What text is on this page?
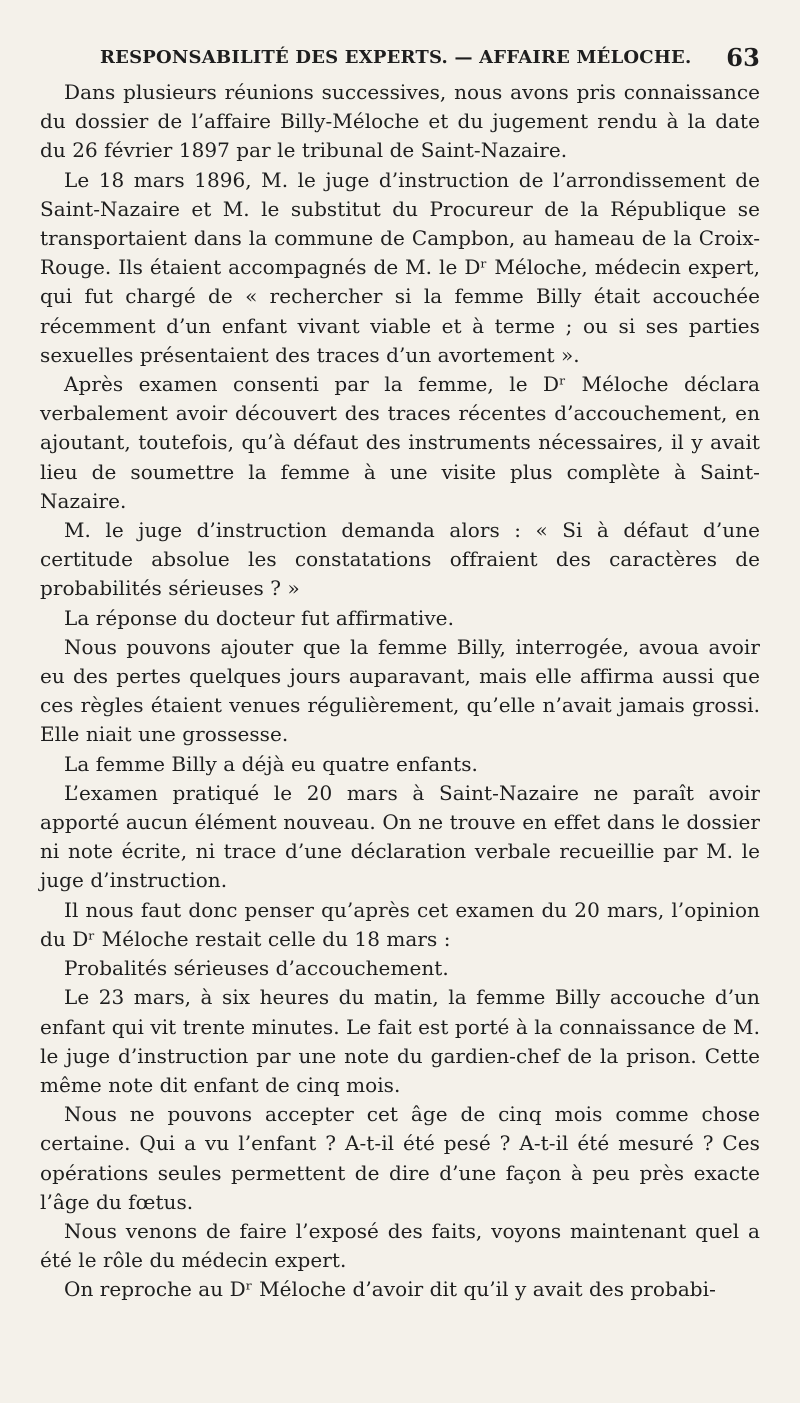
RESPONSABILITÉ DES EXPERTS. — AFFAIRE MÉLOCHE. 63

Dans plusieurs réunions successives, nous avons pris connaissance du dossier de l’affaire Billy-Méloche et du jugement rendu à la date du 26 février 1897 par le tribunal de Saint-Nazaire.

Le 18 mars 1896, M. le juge d’instruction de l’arrondissement de Saint-Nazaire et M. le substitut du Procureur de la République se transportaient dans la commune de Campbon, au hameau de la Croix-Rouge. Ils étaient accompagnés de M. le Dʳ Méloche, médecin expert, qui fut chargé de « rechercher si la femme Billy était accouchée récemment d’un enfant vivant viable et à terme ; ou si ses parties sexuelles présentaient des traces d’un avortement ».

Après examen consenti par la femme, le Dʳ Méloche déclara verbalement avoir découvert des traces récentes d’accouchement, en ajoutant, toutefois, qu’à défaut des instruments nécessaires, il y avait lieu de soumettre la femme à une visite plus complète à Saint-Nazaire.

M. le juge d’instruction demanda alors : « Si à défaut d’une certitude absolue les constatations offraient des caractères de probabilités sérieuses ? »

La réponse du docteur fut affirmative.

Nous pouvons ajouter que la femme Billy, interrogée, avoua avoir eu des pertes quelques jours auparavant, mais elle affirma aussi que ces règles étaient venues régulièrement, qu’elle n’avait jamais grossi. Elle niait une grossesse.

La femme Billy a déjà eu quatre enfants.

L’examen pratiqué le 20 mars à Saint-Nazaire ne paraît avoir apporté aucun élément nouveau. On ne trouve en effet dans le dossier ni note écrite, ni trace d’une déclaration verbale recueillie par M. le juge d’instruction.

Il nous faut donc penser qu’après cet examen du 20 mars, l’opinion du Dʳ Méloche restait celle du 18 mars :

Probalités sérieuses d’accouchement.

Le 23 mars, à six heures du matin, la femme Billy accouche d’un enfant qui vit trente minutes. Le fait est porté à la connaissance de M. le juge d’instruction par une note du gardien-chef de la prison. Cette même note dit enfant de cinq mois.

Nous ne pouvons accepter cet âge de cinq mois comme chose certaine. Qui a vu l’enfant ? A-t-il été pesé ? A-t-il été mesuré ? Ces opérations seules permettent de dire d’une façon à peu près exacte l’âge du fœtus.

Nous venons de faire l’exposé des faits, voyons maintenant quel a été le rôle du médecin expert.

On reproche au Dʳ Méloche d’avoir dit qu’il y avait des probabi-
